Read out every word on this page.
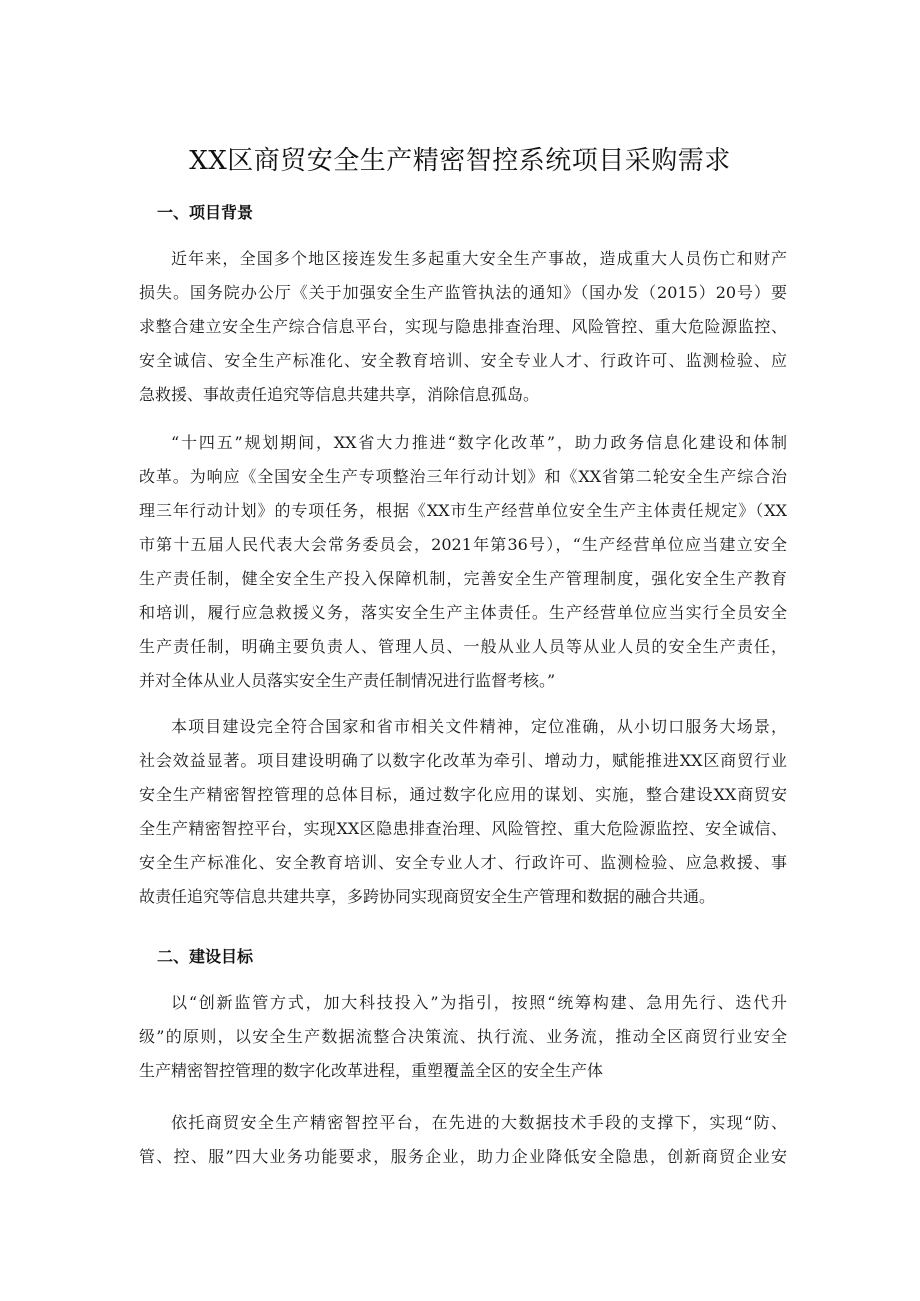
XX区商贸安全生产精密智控系统项目采购需求
一、项目背景
近年来，全国多个地区接连发生多起重大安全生产事故，造成重大人员伤亡和财产
损失。国务院办公厅《关于加强安全生产监管执法的通知》（国办发（2015）20号）要
求整合建立安全生产综合信息平台，实现与隐患排查治理、风险管控、重大危险源监控、
安全诚信、安全生产标准化、安全教育培训、安全专业人才、行政许可、监测检验、应
急救援、事故责任追究等信息共建共享，消除信息孤岛。
“十四五”规划期间，XX省大力推进“数字化改革”，助力政务信息化建设和体制
改革。为响应《全国安全生产专项整治三年行动计划》和《XX省第二轮安全生产综合治
理三年行动计划》的专项任务，根据《XX市生产经营单位安全生产主体责任规定》（XX
市第十五届人民代表大会常务委员会，2021年第36号），“生产经营单位应当建立安全
生产责任制，健全安全生产投入保障机制，完善安全生产管理制度，强化安全生产教育
和培训，履行应急救援义务，落实安全生产主体责任。生产经营单位应当实行全员安全
生产责任制，明确主要负责人、管理人员、一般从业人员等从业人员的安全生产责任，
并对全体从业人员落实安全生产责任制情况进行监督考核。”
本项目建设完全符合国家和省市相关文件精神，定位准确，从小切口服务大场景，
社会效益显著。项目建设明确了以数字化改革为牵引、增动力，赋能推进XX区商贸行业
安全生产精密智控管理的总体目标，通过数字化应用的谋划、实施，整合建设XX商贸安
全生产精密智控平台，实现XX区隐患排查治理、风险管控、重大危险源监控、安全诚信、
安全生产标准化、安全教育培训、安全专业人才、行政许可、监测检验、应急救援、事
故责任追究等信息共建共享，多跨协同实现商贸安全生产管理和数据的融合共通。
二、建设目标
以“创新监管方式，加大科技投入”为指引，按照“统筹构建、急用先行、迭代升
级”的原则，以安全生产数据流整合决策流、执行流、业务流，推动全区商贸行业安全
生产精密智控管理的数字化改革进程，重塑覆盖全区的安全生产体
依托商贸安全生产精密智控平台，在先进的大数据技术手段的支撑下，实现“防、
管、控、服”四大业务功能要求，服务企业，助力企业降低安全隐患，创新商贸企业安
